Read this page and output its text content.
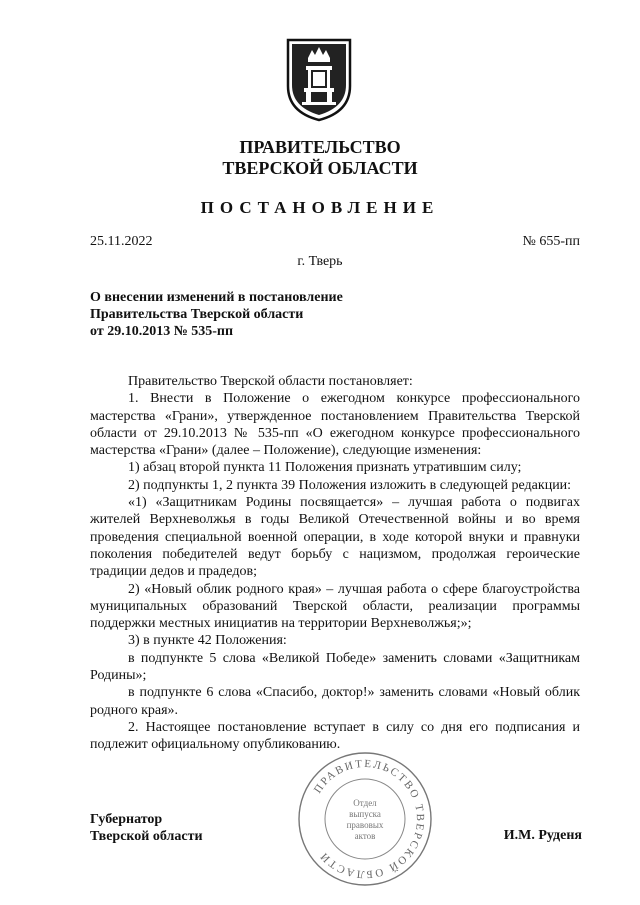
ПРАВИТЕЛЬСТВО
ТВЕРСКОЙ ОБЛАСТИ
ПОСТАНОВЛЕНИЕ
25.11.2022	№ 655-пп
г. Тверь
О внесении изменений в постановление
Правительства Тверской области
от 29.10.2013 № 535-пп

Правительство Тверской области постановляет:

1. Внести в Положение о ежегодном конкурсе профессионального мастерства «Грани», утвержденное постановлением Правительства Тверской области от 29.10.2013 № 535-пп «О ежегодном конкурсе профессионального мастерства «Грани» (далее – Положение), следующие изменения:

1) абзац второй пункта 11 Положения признать утратившим силу;

2) подпункты 1, 2 пункта 39 Положения изложить в следующей редакции:

«1) «Защитникам Родины посвящается» – лучшая работа о подвигах жителей Верхневолжья в годы Великой Отечественной войны и во время проведения специальной военной операции, в ходе которой внуки и правнуки поколения победителей ведут борьбу с нацизмом, продолжая героические традиции дедов и прадедов;

2) «Новый облик родного края» – лучшая работа о сфере благоустройства муниципальных образований Тверской области, реализации программы поддержки местных инициатив на территории Верхневолжья;»;

3) в пункте 42 Положения:

в подпункте 5 слова «Великой Победе» заменить словами «Защитникам Родины»;

в подпункте 6 слова «Спасибо, доктор!» заменить словами «Новый облик родного края».

2. Настоящее постановление вступает в силу со дня его подписания и подлежит официальному опубликованию.

Губернатор
Тверской области	И.М. Руденя
ПРАВИТЕЛЬСТВО ТВЕРСКОЙ ОБЛАСТИ
Отдел
выпуска
правовых
актов
